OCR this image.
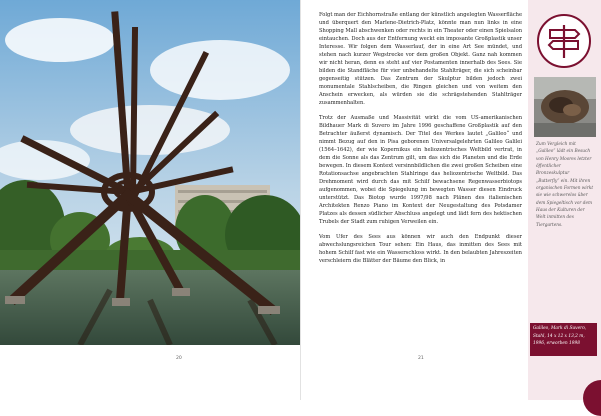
20

Folgt man der Eichhornstraße entlang der künstlich angelegten Wasserfläche und überquert den Marlene-Dietrich-Platz, könnte man nun links in eine Shopping Mall abschwenken oder rechts in ein Theater oder einen Spielsalon eintauchen. Doch aus der Entfernung weckt ein imposante Großplastik unser Interesse. Wir folgen dem Wasserlauf, der in eine Art See mündet, und stehen nach kurzer Wegstrecke vor dem großen Objekt. Ganz nah kommen wir nicht heran, denn es steht auf vier Postamenten innerhalb des Sees. Sie bilden die Standfläche für vier unbehandelte Stahlträger, die sich scheinbar gegenseitig stützen. Das Zentrum der Skulptur bilden jedoch zwei monumentale Stahlscheiben, die Ringen gleichen und von weitem den Anschein erwecken, als würden sie die schrägstehenden Stahlträger zusammenhalten.

Trotz der Ausmaße und Massivität wirkt die vom US-amerikanischen Bildhauer Mark di Suvero im Jahre 1996 geschaffene Großplastik auf den Betrachter äußerst dynamisch. Der Titel des Werkes lautet „Galileo“ und nimmt Bezug auf den in Pisa geborenen Universalgelehrten Galileo Galilei (1564–1642), der wie Kopernikus ein heliozentrisches Weltbild vertrat, in dem die Sonne als das Zentrum gilt, um das sich die Planeten und die Erde bewegen. In diesem Kontext versinnbildlichen die zwei großen Scheiben eine Rotationsachse angebrachten Stahlringe das heliozentrische Weltbild. Das Drehmoment wird durch das mit Schilf bewachsene Regenwasserbiotops aufgenommen, wobei die Spiegelung im bewegten Wasser diesen Eindruck unterstützt. Das Biotop wurde 1997/98 nach Plänen des italienischen Architekten Renzo Piano im Kontext der Neugestaltung des Potsdamer Platzes als dessen südlicher Abschluss angelegt und lädt fern des hektischen Trubels der Stadt zum ruhigen Verweilen ein.

Vom Ufer des Sees aus können wir auch den Endpunkt dieser abwechslungsreichen Tour sehen: Ein Haus, das inmitten des Sees mit hohem Schilf fast wie ein Wasserschloss wirkt. In den belaubten Jahreszeiten verschleiern die Blätter der Bäume den Blick, in

Zum Vergleich mit „Galileo“ lädt ein Besuch von Henry Moores letzter öffentlicher Bronzeskulptur „Butterfly“ ein. Mit ihren organischen Formen wirkt sie wie schwerelos über dem Spiegeltisch vor dem Haus der Kulturen der Welt inmitten des Tiergartens.
Galileo, Mark di Suvero, Stahl, 14 x 12 x 13,2 m, 1996, erworben 1998
21
